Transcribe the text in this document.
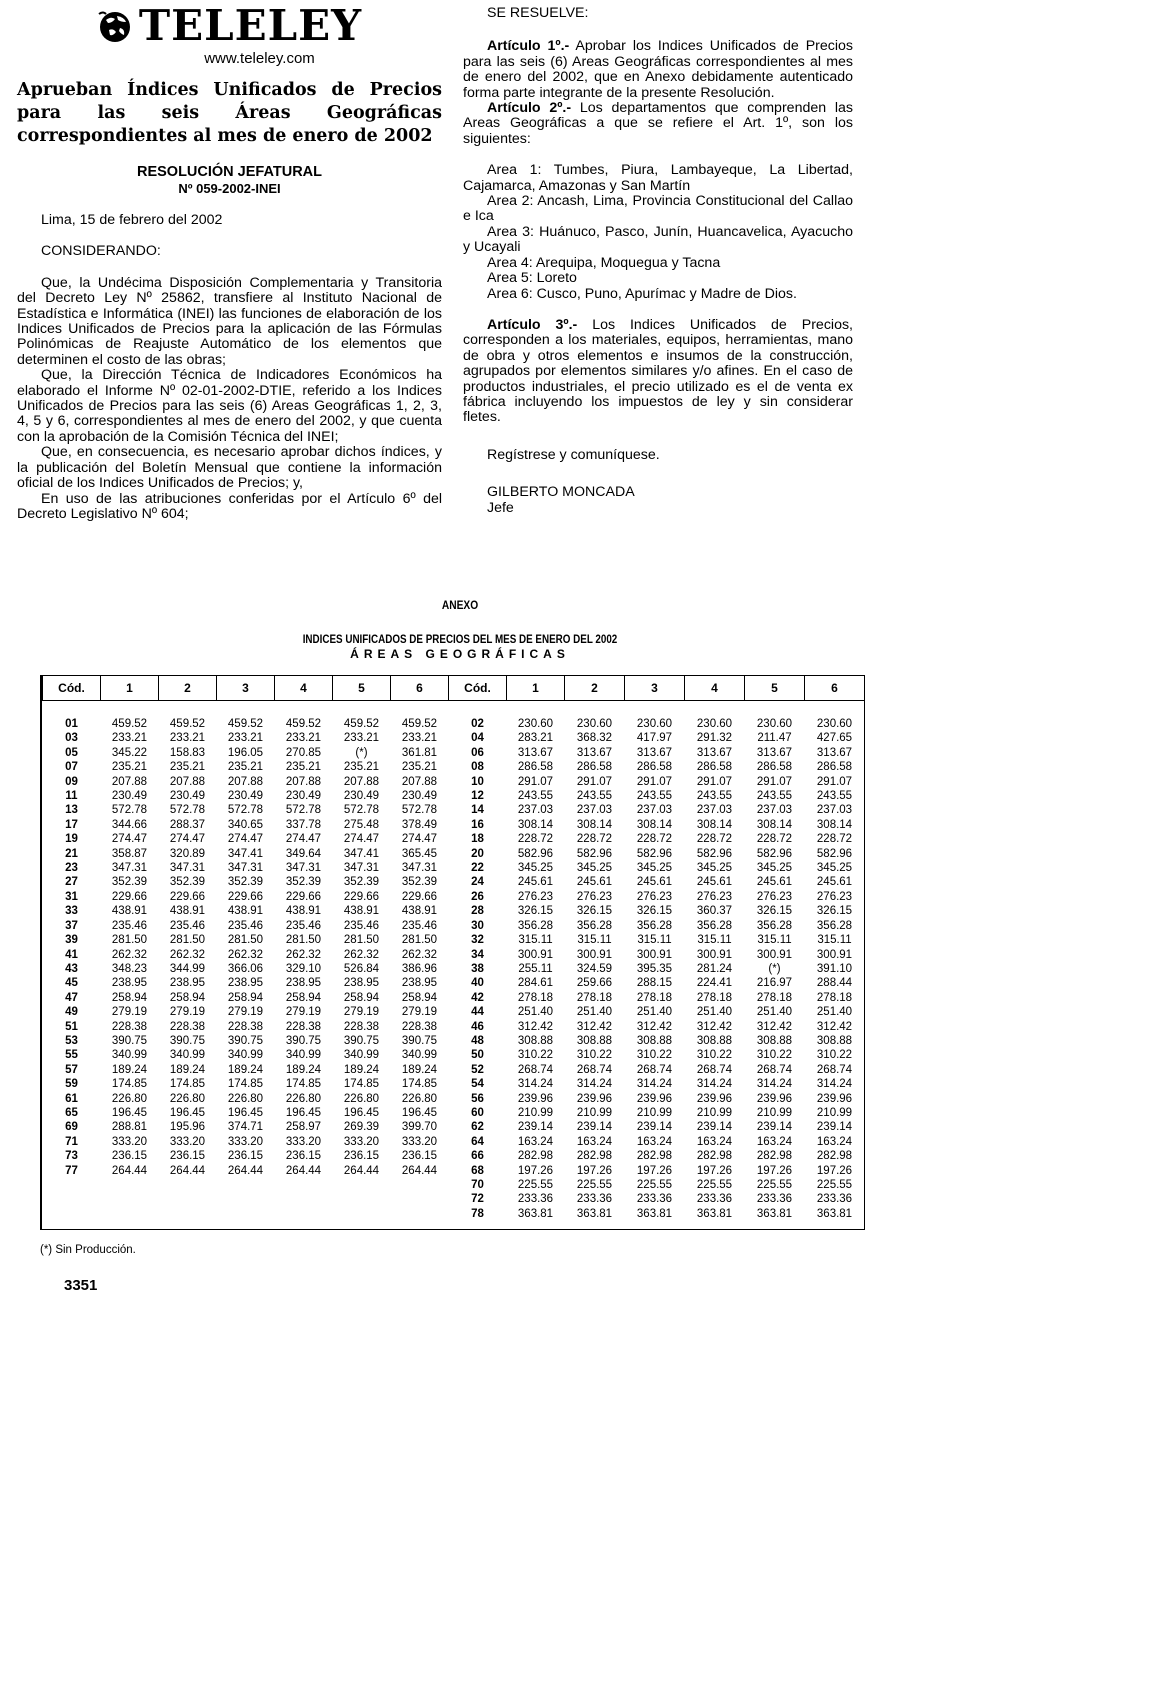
TELELEY
www.teleley.com
Aprueban Índices Unificados de Precios para las seis Áreas Geográficas correspondientes al mes de enero de 2002
RESOLUCIÓN JEFATURAL
Nº 059-2002-INEI

Lima, 15 de febrero del 2002

CONSIDERANDO:

Que, la Undécima Disposición Complementaria y Transitoria del Decreto Ley Nº 25862, transfiere al Instituto Nacional de Estadística e Informática (INEI) las funciones de elaboración de los Indices Unificados de Precios para la aplicación de las Fórmulas Polinómicas de Reajuste Automático de los elementos que determinen el costo de las obras;

Que, la Dirección Técnica de Indicadores Económicos ha elaborado el Informe Nº 02-01-2002-DTIE, referido a los Indices Unificados de Precios para las seis (6) Areas Geográficas 1, 2, 3, 4, 5 y 6, correspondientes al mes de enero del 2002, y que cuenta con la aprobación de la Comisión Técnica del INEI;

Que, en consecuencia, es necesario aprobar dichos índices, y la publicación del Boletín Mensual que contiene la información oficial de los Indices Unificados de Precios; y,

En uso de las atribuciones conferidas por el Artículo 6º del Decreto Legislativo Nº 604;

SE RESUELVE:

Artículo 1º.- Aprobar los Indices Unificados de Precios para las seis (6) Areas Geográficas correspondientes al mes de enero del 2002, que en Anexo debidamente autenticado forma parte integrante de la presente Resolución.

Artículo 2º.- Los departamentos que comprenden las Areas Geográficas a que se refiere el Art. 1º, son los siguientes:

Area 1: Tumbes, Piura, Lambayeque, La Libertad, Cajamarca, Amazonas y San Martín

Area 2: Ancash, Lima, Provincia Constitucional del Callao e Ica

Area 3: Huánuco, Pasco, Junín, Huancavelica, Ayacucho y Ucayali

Area 4: Arequipa, Moquegua y Tacna

Area 5: Loreto

Area 6: Cusco, Puno, Apurímac y Madre de Dios.

Artículo 3º.- Los Indices Unificados de Precios, corresponden a los materiales, equipos, herramientas, mano de obra y otros elementos e insumos de la construcción, agrupados por elementos similares y/o afines. En el caso de productos industriales, el precio utilizado es el de venta ex fábrica incluyendo los impuestos de ley y sin considerar fletes.

Regístrese y comuníquese.

GILBERTO MONCADA

Jefe

ANEXO
INDICES UNIFICADOS DE PRECIOS DEL MES DE ENERO DEL 2002
ÁREAS GEOGRÁFICAS
Cód.	1	2	3	4	5	6	Cód.	1	2	3	4	5	6

01	459.52	459.52	459.52	459.52	459.52	459.52	02	230.60	230.60	230.60	230.60	230.60	230.60
03	233.21	233.21	233.21	233.21	233.21	233.21	04	283.21	368.32	417.97	291.32	211.47	427.65
05	345.22	158.83	196.05	270.85	(*)	361.81	06	313.67	313.67	313.67	313.67	313.67	313.67
07	235.21	235.21	235.21	235.21	235.21	235.21	08	286.58	286.58	286.58	286.58	286.58	286.58
09	207.88	207.88	207.88	207.88	207.88	207.88	10	291.07	291.07	291.07	291.07	291.07	291.07
11	230.49	230.49	230.49	230.49	230.49	230.49	12	243.55	243.55	243.55	243.55	243.55	243.55
13	572.78	572.78	572.78	572.78	572.78	572.78	14	237.03	237.03	237.03	237.03	237.03	237.03
17	344.66	288.37	340.65	337.78	275.48	378.49	16	308.14	308.14	308.14	308.14	308.14	308.14
19	274.47	274.47	274.47	274.47	274.47	274.47	18	228.72	228.72	228.72	228.72	228.72	228.72
21	358.87	320.89	347.41	349.64	347.41	365.45	20	582.96	582.96	582.96	582.96	582.96	582.96
23	347.31	347.31	347.31	347.31	347.31	347.31	22	345.25	345.25	345.25	345.25	345.25	345.25
27	352.39	352.39	352.39	352.39	352.39	352.39	24	245.61	245.61	245.61	245.61	245.61	245.61
31	229.66	229.66	229.66	229.66	229.66	229.66	26	276.23	276.23	276.23	276.23	276.23	276.23
33	438.91	438.91	438.91	438.91	438.91	438.91	28	326.15	326.15	326.15	360.37	326.15	326.15
37	235.46	235.46	235.46	235.46	235.46	235.46	30	356.28	356.28	356.28	356.28	356.28	356.28
39	281.50	281.50	281.50	281.50	281.50	281.50	32	315.11	315.11	315.11	315.11	315.11	315.11
41	262.32	262.32	262.32	262.32	262.32	262.32	34	300.91	300.91	300.91	300.91	300.91	300.91
43	348.23	344.99	366.06	329.10	526.84	386.96	38	255.11	324.59	395.35	281.24	(*)	391.10
45	238.95	238.95	238.95	238.95	238.95	238.95	40	284.61	259.66	288.15	224.41	216.97	288.44
47	258.94	258.94	258.94	258.94	258.94	258.94	42	278.18	278.18	278.18	278.18	278.18	278.18
49	279.19	279.19	279.19	279.19	279.19	279.19	44	251.40	251.40	251.40	251.40	251.40	251.40
51	228.38	228.38	228.38	228.38	228.38	228.38	46	312.42	312.42	312.42	312.42	312.42	312.42
53	390.75	390.75	390.75	390.75	390.75	390.75	48	308.88	308.88	308.88	308.88	308.88	308.88
55	340.99	340.99	340.99	340.99	340.99	340.99	50	310.22	310.22	310.22	310.22	310.22	310.22
57	189.24	189.24	189.24	189.24	189.24	189.24	52	268.74	268.74	268.74	268.74	268.74	268.74
59	174.85	174.85	174.85	174.85	174.85	174.85	54	314.24	314.24	314.24	314.24	314.24	314.24
61	226.80	226.80	226.80	226.80	226.80	226.80	56	239.96	239.96	239.96	239.96	239.96	239.96
65	196.45	196.45	196.45	196.45	196.45	196.45	60	210.99	210.99	210.99	210.99	210.99	210.99
69	288.81	195.96	374.71	258.97	269.39	399.70	62	239.14	239.14	239.14	239.14	239.14	239.14
71	333.20	333.20	333.20	333.20	333.20	333.20	64	163.24	163.24	163.24	163.24	163.24	163.24
73	236.15	236.15	236.15	236.15	236.15	236.15	66	282.98	282.98	282.98	282.98	282.98	282.98
77	264.44	264.44	264.44	264.44	264.44	264.44	68	197.26	197.26	197.26	197.26	197.26	197.26
							70	225.55	225.55	225.55	225.55	225.55	225.55
							72	233.36	233.36	233.36	233.36	233.36	233.36
							78	363.81	363.81	363.81	363.81	363.81	363.81
(*) Sin Producción.
3351
